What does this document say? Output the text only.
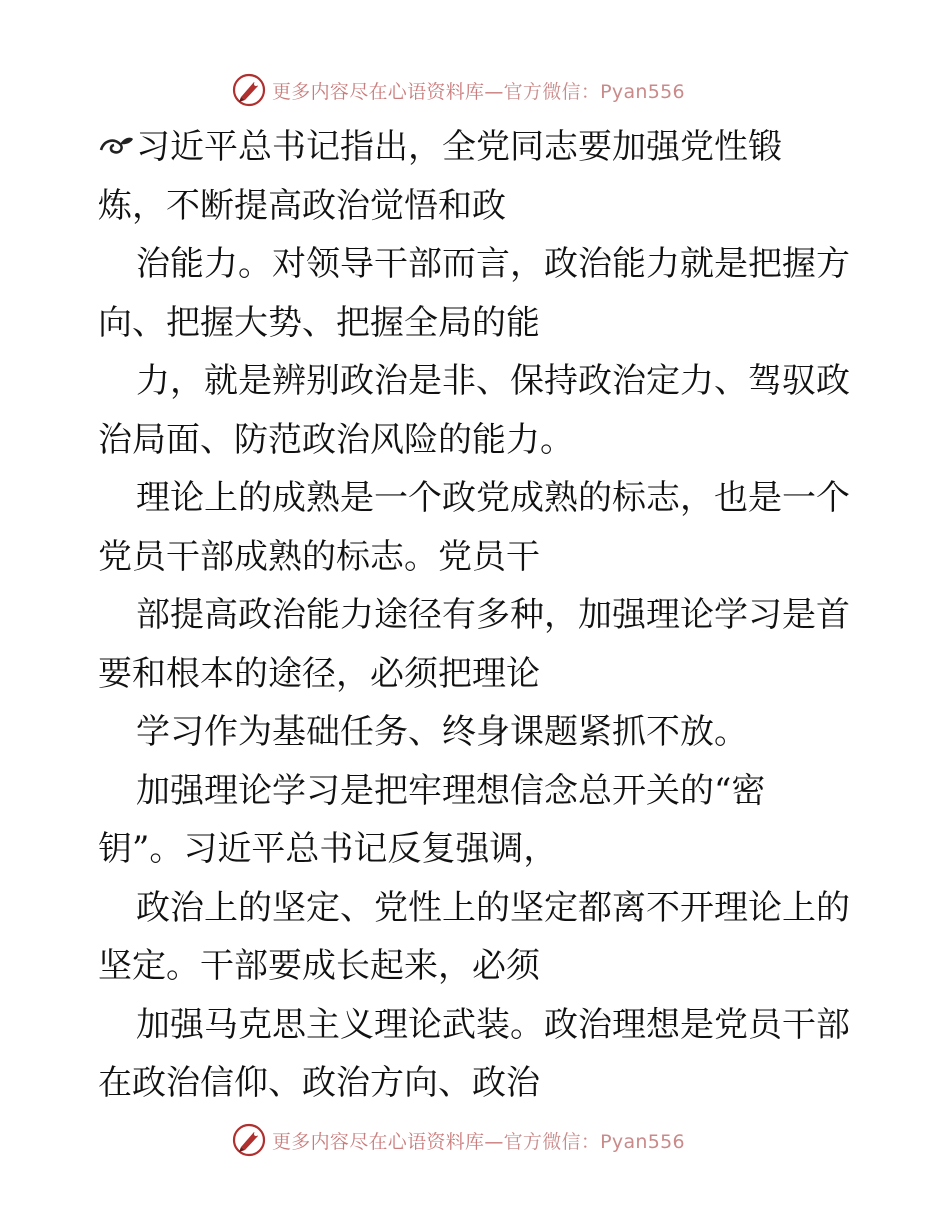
更多内容尽在心语资料库—官方微信：Pyan556

习近平总书记指出，全党同志要加强党性锻

炼，不断提高政治觉悟和政

治能力。对领导干部而言，政治能力就是把握方

向、把握大势、把握全局的能

力，就是辨别政治是非、保持政治定力、驾驭政

治局面、防范政治风险的能力。

理论上的成熟是一个政党成熟的标志，也是一个

党员干部成熟的标志。党员干

部提高政治能力途径有多种，加强理论学习是首

要和根本的途径，必须把理论

学习作为基础任务、终身课题紧抓不放。

加强理论学习是把牢理想信念总开关的“密

钥”。习近平总书记反复强调，

政治上的坚定、党性上的坚定都离不开理论上的

坚定。干部要成长起来，必须

加强马克思主义理论武装。政治理想是党员干部

在政治信仰、政治方向、政治

更多内容尽在心语资料库—官方微信：Pyan556
